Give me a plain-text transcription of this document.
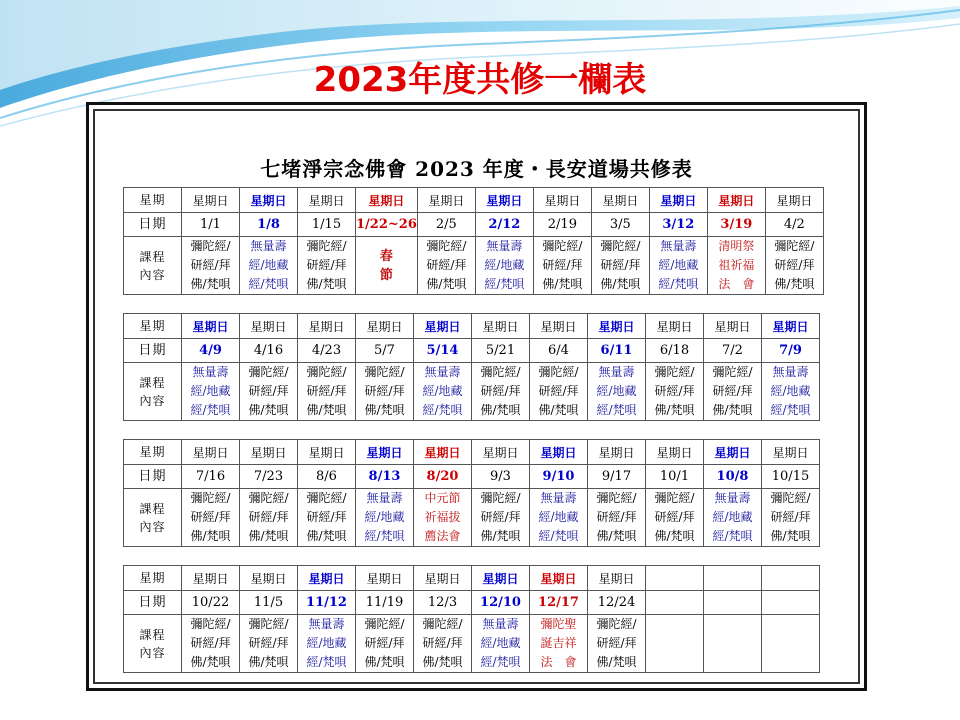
2023年度共修一欄表
七堵淨宗念佛會 2023 年度・長安道場共修表
星期	星期日	星期日	星期日	星期日	星期日	星期日	星期日	星期日	星期日	星期日	星期日

日期	1/1	1/8	1/15	1/22~26	2/5	2/12	2/19	3/5	3/12	3/19	4/2

課程
內容	彌陀經/
研經/拜
佛/梵唄	無量壽
經/地藏
經/梵唄	彌陀經/
研經/拜
佛/梵唄	春
節	彌陀經/
研經/拜
佛/梵唄	無量壽
經/地藏
經/梵唄	彌陀經/
研經/拜
佛/梵唄	彌陀經/
研經/拜
佛/梵唄	無量壽
經/地藏
經/梵唄	清明祭
祖祈福
法　會	彌陀經/
研經/拜
佛/梵唄
星期	星期日	星期日	星期日	星期日	星期日	星期日	星期日	星期日	星期日	星期日	星期日

日期	4/9	4/16	4/23	5/7	5/14	5/21	6/4	6/11	6/18	7/2	7/9

課程
內容	無量壽
經/地藏
經/梵唄	彌陀經/
研經/拜
佛/梵唄	彌陀經/
研經/拜
佛/梵唄	彌陀經/
研經/拜
佛/梵唄	無量壽
經/地藏
經/梵唄	彌陀經/
研經/拜
佛/梵唄	彌陀經/
研經/拜
佛/梵唄	無量壽
經/地藏
經/梵唄	彌陀經/
研經/拜
佛/梵唄	彌陀經/
研經/拜
佛/梵唄	無量壽
經/地藏
經/梵唄
星期	星期日	星期日	星期日	星期日	星期日	星期日	星期日	星期日	星期日	星期日	星期日

日期	7/16	7/23	8/6	8/13	8/20	9/3	9/10	9/17	10/1	10/8	10/15

課程
內容	彌陀經/
研經/拜
佛/梵唄	彌陀經/
研經/拜
佛/梵唄	彌陀經/
研經/拜
佛/梵唄	無量壽
經/地藏
經/梵唄	中元節
祈福拔
薦法會	彌陀經/
研經/拜
佛/梵唄	無量壽
經/地藏
經/梵唄	彌陀經/
研經/拜
佛/梵唄	彌陀經/
研經/拜
佛/梵唄	無量壽
經/地藏
經/梵唄	彌陀經/
研經/拜
佛/梵唄
星期	星期日	星期日	星期日	星期日	星期日	星期日	星期日	星期日			

日期	10/22	11/5	11/12	11/19	12/3	12/10	12/17	12/24			

課程
內容	彌陀經/
研經/拜
佛/梵唄	彌陀經/
研經/拜
佛/梵唄	無量壽
經/地藏
經/梵唄	彌陀經/
研經/拜
佛/梵唄	彌陀經/
研經/拜
佛/梵唄	無量壽
經/地藏
經/梵唄	彌陀聖
誕吉祥
法　會	彌陀經/
研經/拜
佛/梵唄			
